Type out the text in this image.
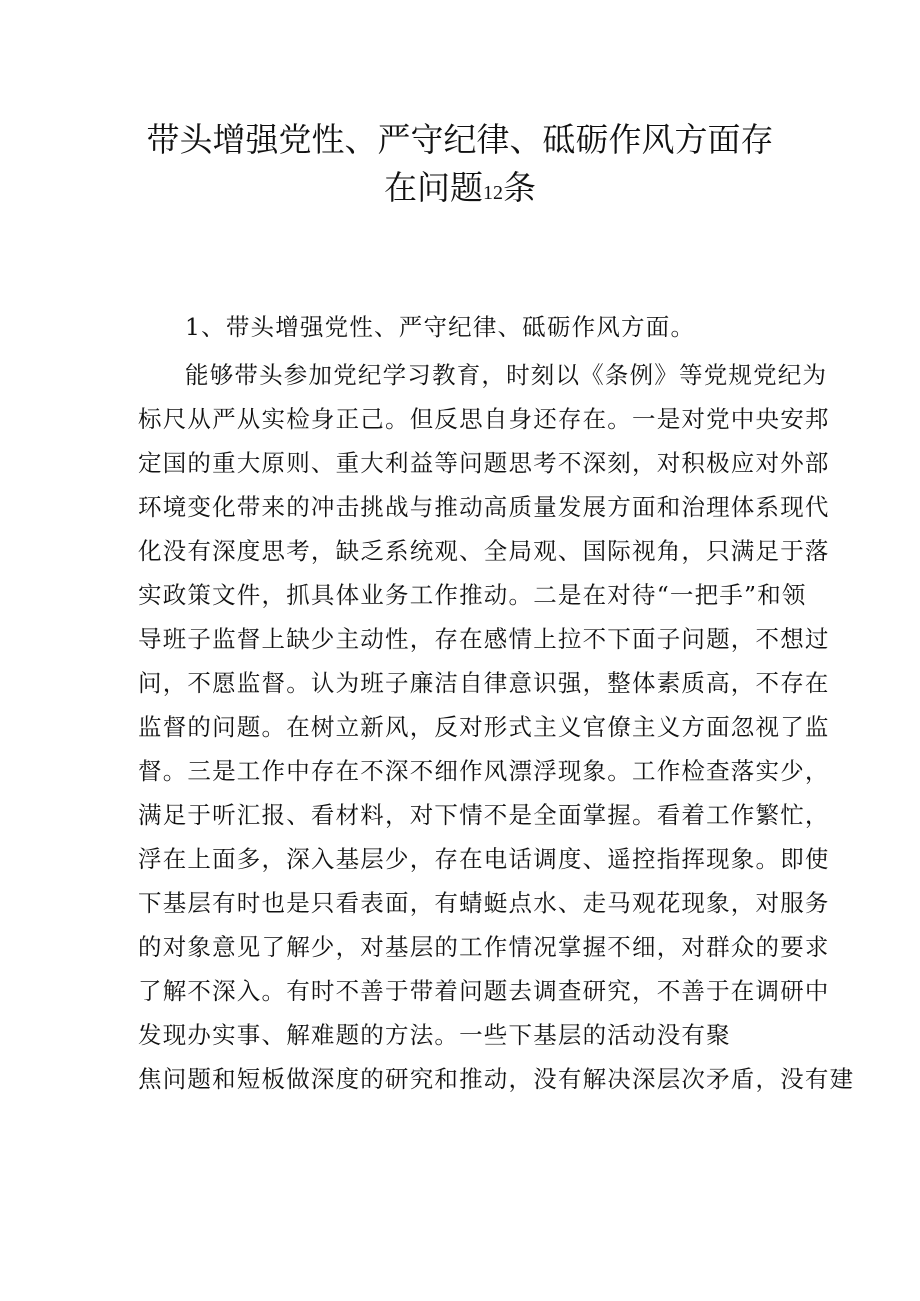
带头增强党性、严守纪律、砥砺作风方面存
在问题12条
1、带头增强党性、严守纪律、砥砺作风方面。
能够带头参加党纪学习教育，时刻以《条例》等党规党纪为
标尺从严从实检身正己。但反思自身还存在。一是对党中央安邦
定国的重大原则、重大利益等问题思考不深刻，对积极应对外部
环境变化带来的冲击挑战与推动高质量发展方面和治理体系现代
化没有深度思考，缺乏系统观、全局观、国际视角，只满足于落
实政策文件，抓具体业务工作推动。二是在对待“一把手”和领
导班子监督上缺少主动性，存在感情上拉不下面子问题，不想过
问，不愿监督。认为班子廉洁自律意识强，整体素质高，不存在
监督的问题。在树立新风，反对形式主义官僚主义方面忽视了监
督。三是工作中存在不深不细作风漂浮现象。工作检查落实少，
满足于听汇报、看材料，对下情不是全面掌握。看着工作繁忙，
浮在上面多，深入基层少，存在电话调度、遥控指挥现象。即使
下基层有时也是只看表面，有蜻蜓点水、走马观花现象，对服务
的对象意见了解少，对基层的工作情况掌握不细，对群众的要求
了解不深入。有时不善于带着问题去调查研究，不善于在调研中
发现办实事、解难题的方法。一些下基层的活动没有聚
焦问题和短板做深度的研究和推动，没有解决深层次矛盾，没有建
